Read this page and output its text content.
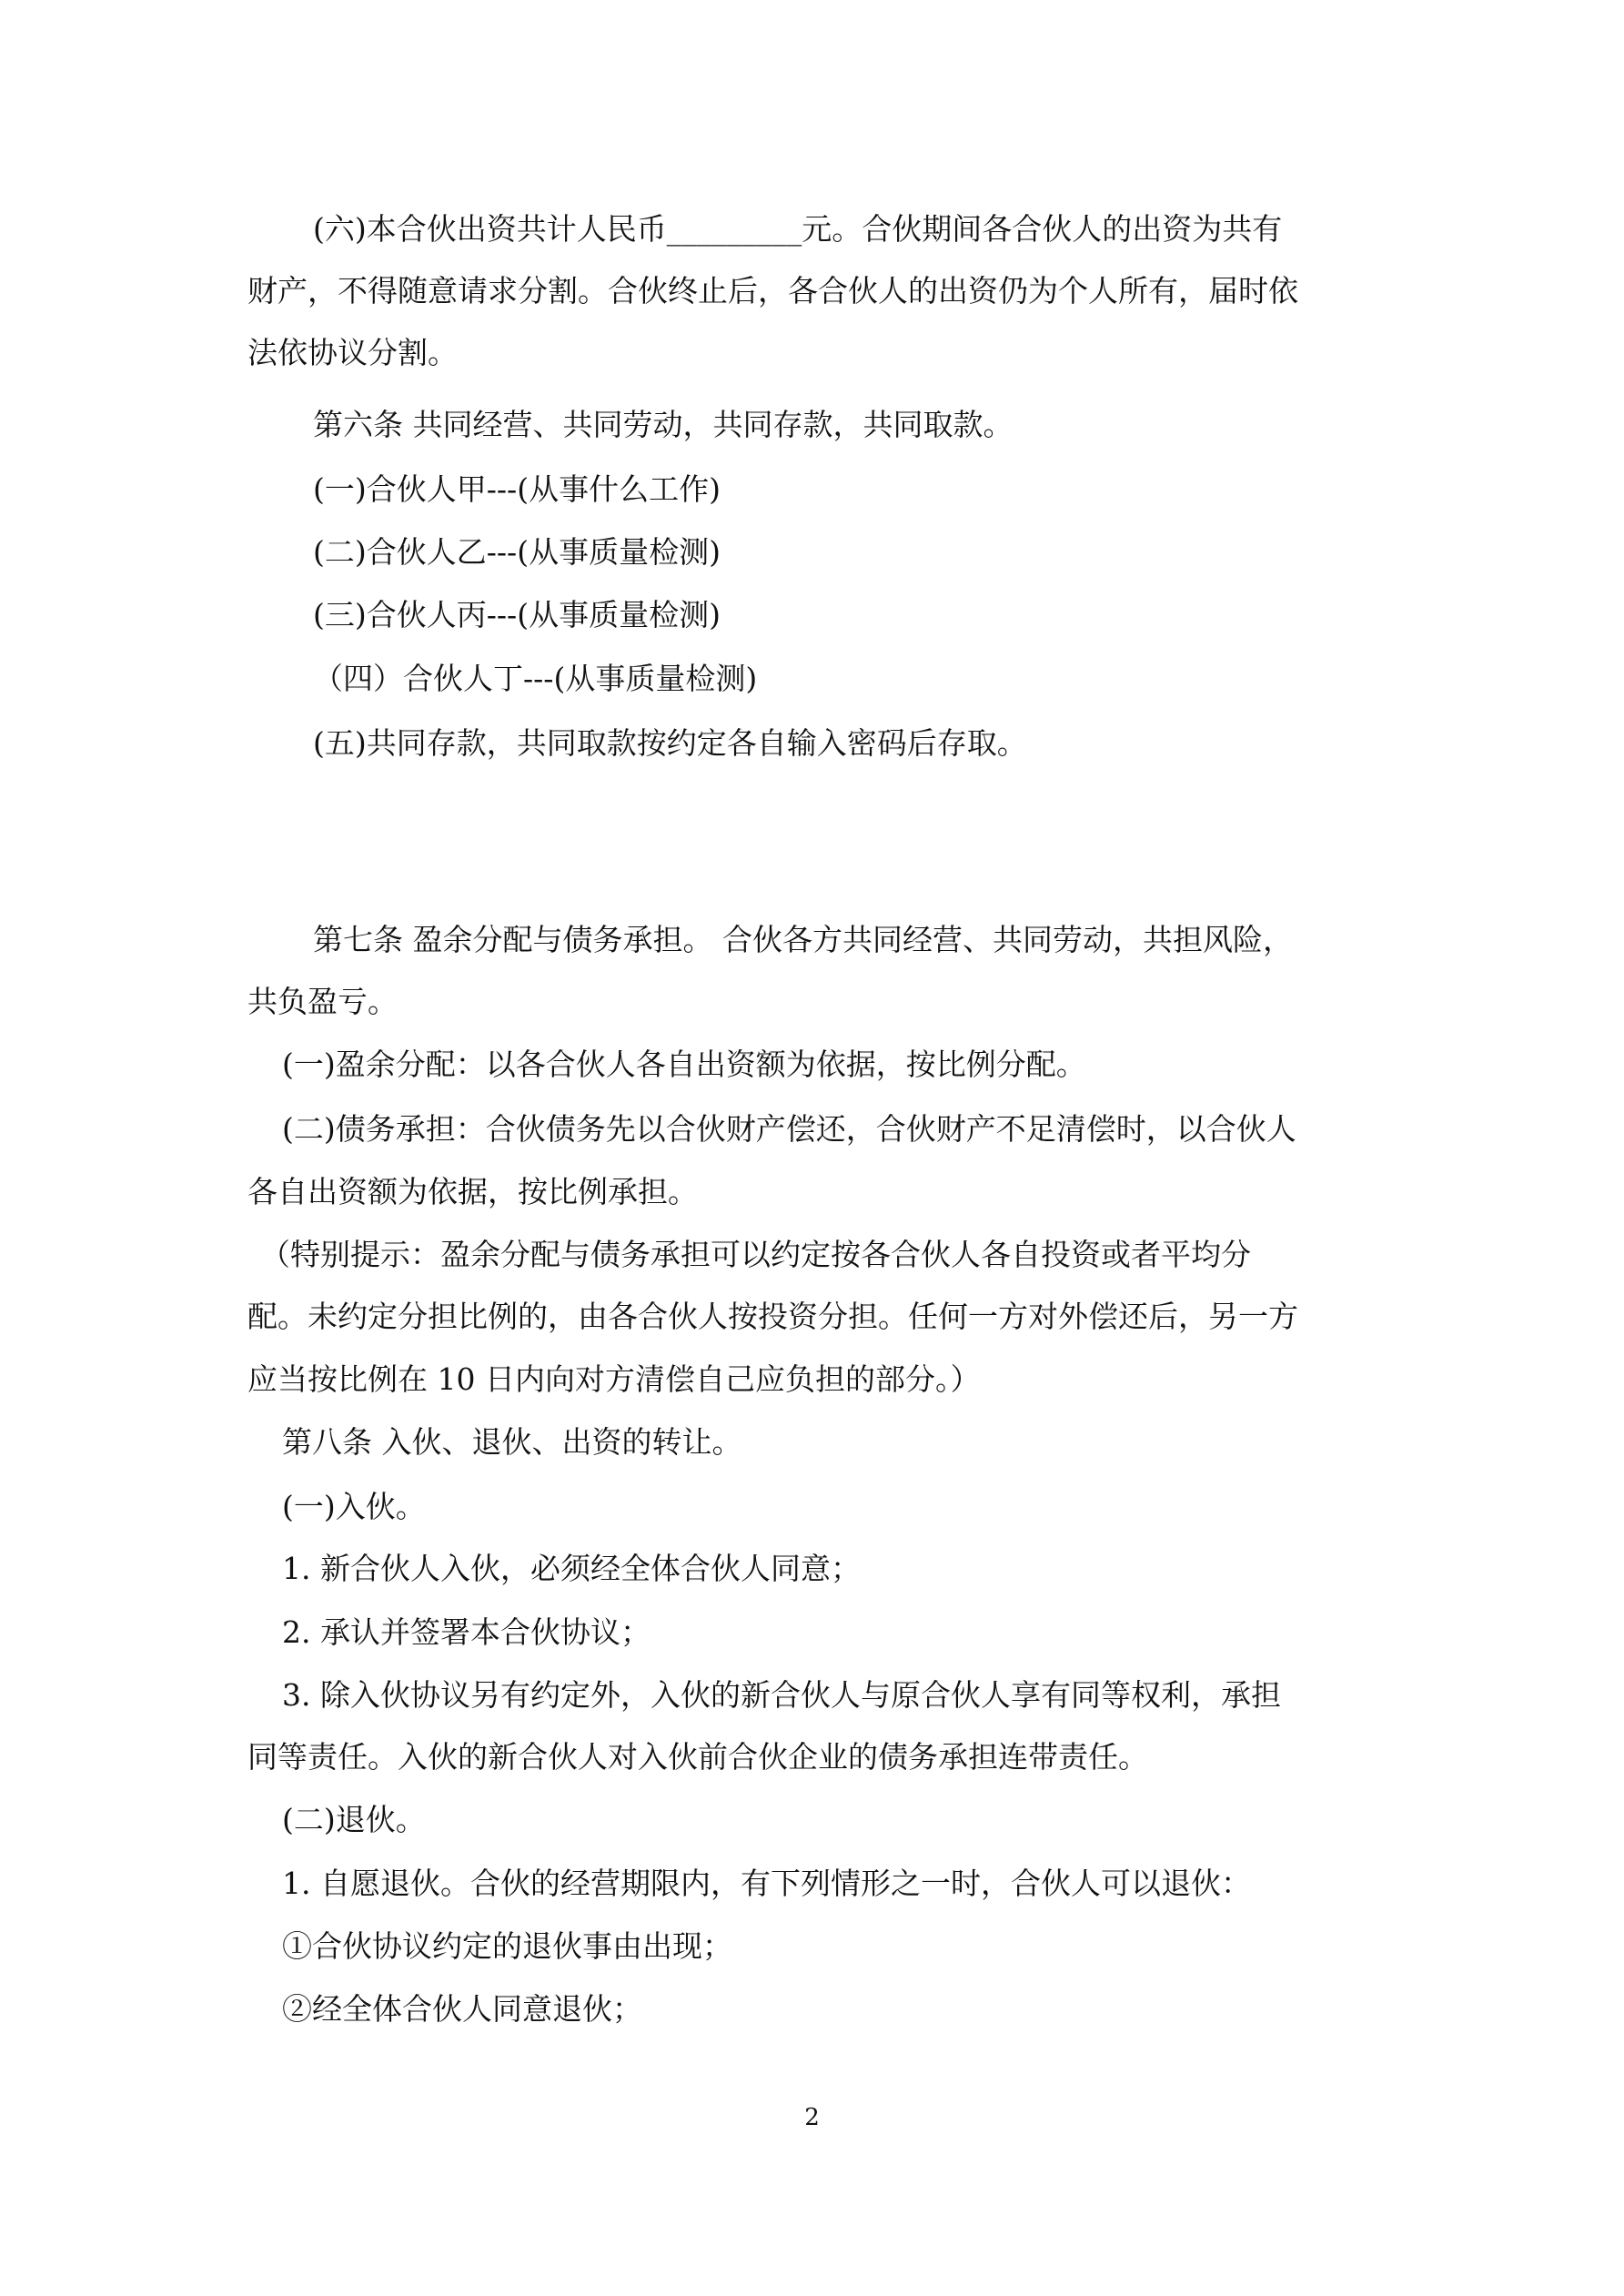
(六)本合伙出资共计人民币_________元。合伙期间各合伙人的出资为共有

财产，不得随意请求分割。合伙终止后，各合伙人的出资仍为个人所有，届时依

法依协议分割。

第六条 共同经营、共同劳动，共同存款，共同取款。

(一)合伙人甲---(从事什么工作)

(二)合伙人乙---(从事质量检测)

(三)合伙人丙---(从事质量检测)

（四）合伙人丁---(从事质量检测)

(五)共同存款，共同取款按约定各自输入密码后存取。

第七条 盈余分配与债务承担。 合伙各方共同经营、共同劳动，共担风险，

共负盈亏。

(一)盈余分配：以各合伙人各自出资额为依据，按比例分配。

(二)债务承担：合伙债务先以合伙财产偿还，合伙财产不足清偿时，以合伙人

各自出资额为依据，按比例承担。

（特别提示：盈余分配与债务承担可以约定按各合伙人各自投资或者平均分

配。未约定分担比例的，由各合伙人按投资分担。任何一方对外偿还后，另一方

应当按比例在 10 日内向对方清偿自己应负担的部分。）

第八条 入伙、退伙、出资的转让。

(一)入伙。

1. 新合伙人入伙，必须经全体合伙人同意；

2. 承认并签署本合伙协议；

3. 除入伙协议另有约定外，入伙的新合伙人与原合伙人享有同等权利，承担

同等责任。入伙的新合伙人对入伙前合伙企业的债务承担连带责任。

(二)退伙。

1. 自愿退伙。合伙的经营期限内，有下列情形之一时，合伙人可以退伙：

①合伙协议约定的退伙事由出现；

②经全体合伙人同意退伙；

2
